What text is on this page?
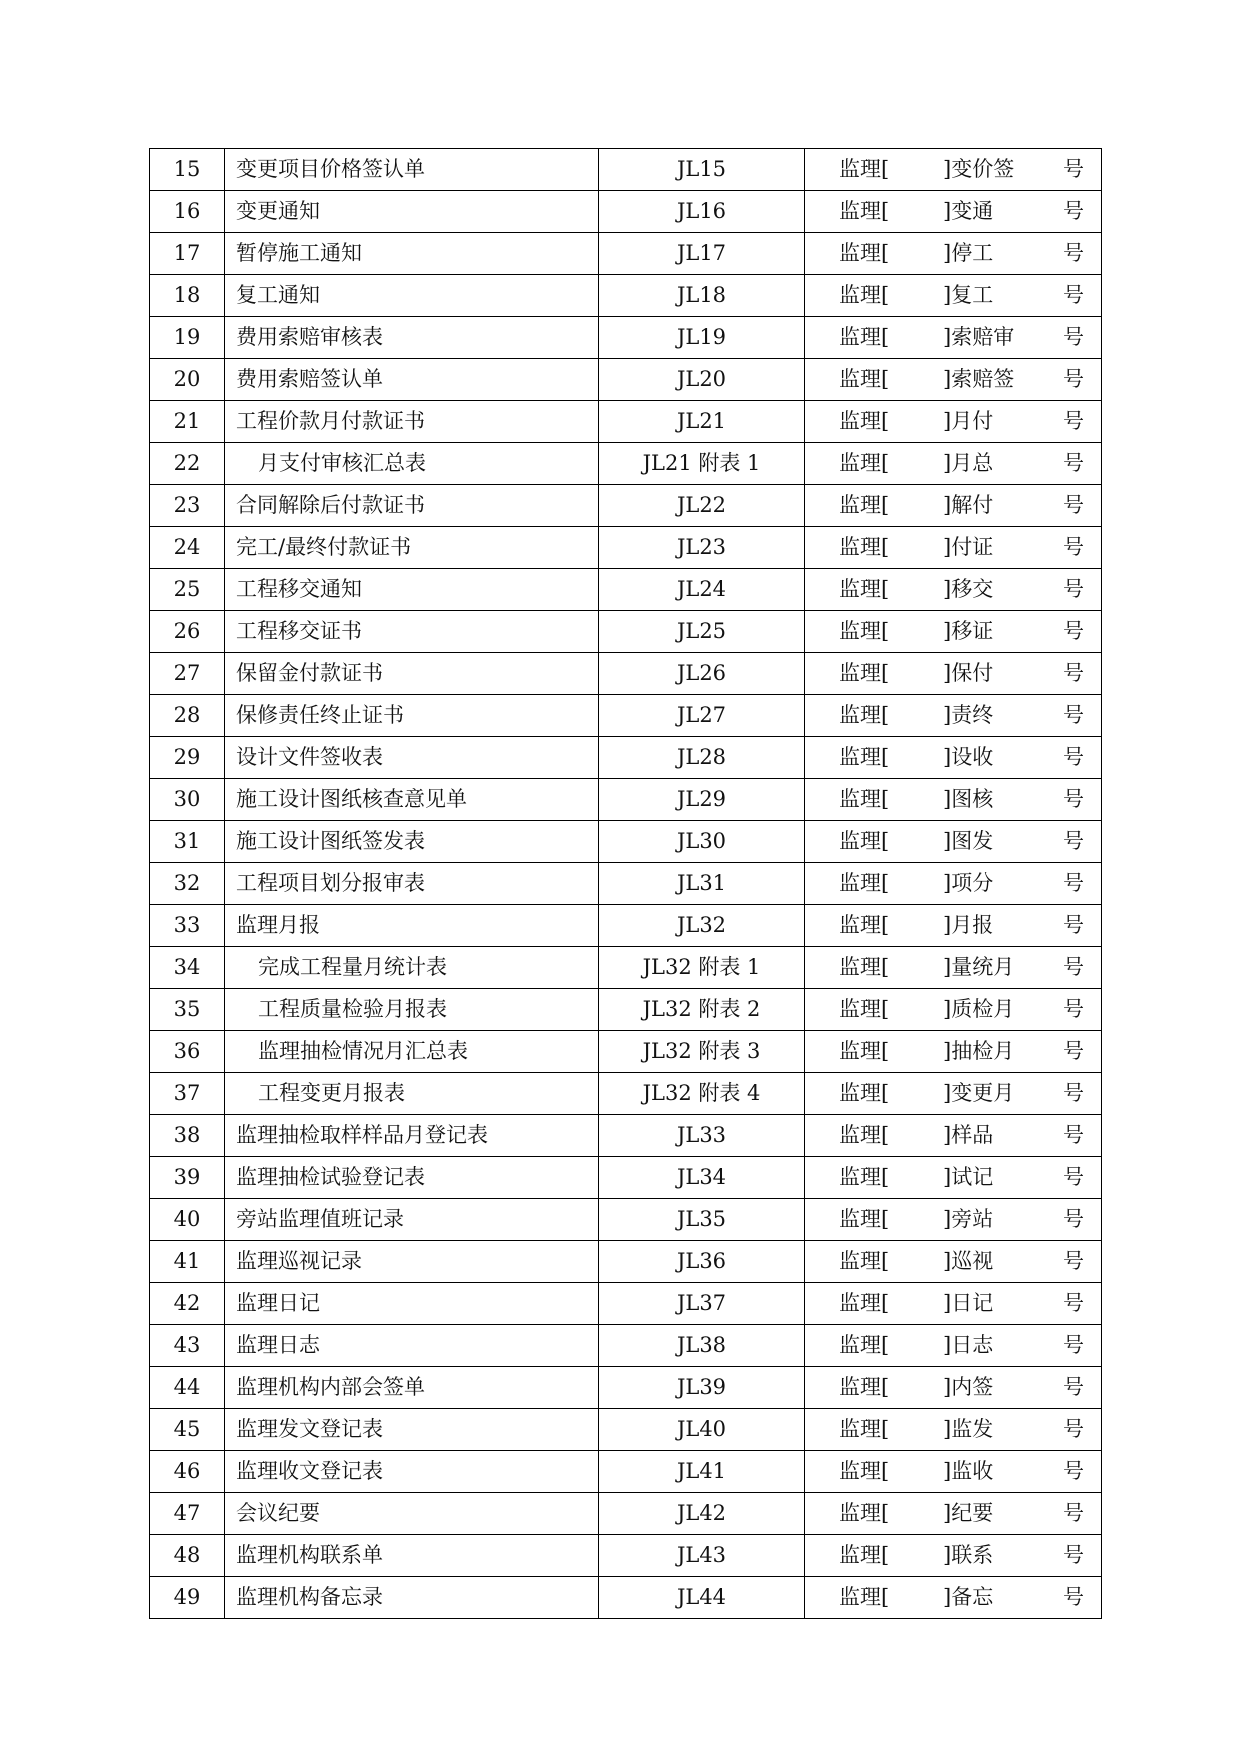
15	变更项目价格签认单	JL15	监理[ ]变价签 号

16	变更通知	JL16	监理[ ]变通 号

17	暂停施工通知	JL17	监理[ ]停工 号

18	复工通知	JL18	监理[ ]复工 号

19	费用索赔审核表	JL19	监理[ ]索赔审 号

20	费用索赔签认单	JL20	监理[ ]索赔签 号

21	工程价款月付款证书	JL21	监理[ ]月付 号

22	月支付审核汇总表	JL21 附表 1	监理[ ]月总 号

23	合同解除后付款证书	JL22	监理[ ]解付 号

24	完工/最终付款证书	JL23	监理[ ]付证 号

25	工程移交通知	JL24	监理[ ]移交 号

26	工程移交证书	JL25	监理[ ]移证 号

27	保留金付款证书	JL26	监理[ ]保付 号

28	保修责任终止证书	JL27	监理[ ]责终 号

29	设计文件签收表	JL28	监理[ ]设收 号

30	施工设计图纸核查意见单	JL29	监理[ ]图核 号

31	施工设计图纸签发表	JL30	监理[ ]图发 号

32	工程项目划分报审表	JL31	监理[ ]项分 号

33	监理月报	JL32	监理[ ]月报 号

34	完成工程量月统计表	JL32 附表 1	监理[ ]量统月 号

35	工程质量检验月报表	JL32 附表 2	监理[ ]质检月 号

36	监理抽检情况月汇总表	JL32 附表 3	监理[ ]抽检月 号

37	工程变更月报表	JL32 附表 4	监理[ ]变更月 号

38	监理抽检取样样品月登记表	JL33	监理[ ]样品 号

39	监理抽检试验登记表	JL34	监理[ ]试记 号

40	旁站监理值班记录	JL35	监理[ ]旁站 号

41	监理巡视记录	JL36	监理[ ]巡视 号

42	监理日记	JL37	监理[ ]日记 号

43	监理日志	JL38	监理[ ]日志 号

44	监理机构内部会签单	JL39	监理[ ]内签 号

45	监理发文登记表	JL40	监理[ ]监发 号

46	监理收文登记表	JL41	监理[ ]监收 号

47	会议纪要	JL42	监理[ ]纪要 号

48	监理机构联系单	JL43	监理[ ]联系 号

49	监理机构备忘录	JL44	监理[ ]备忘 号
